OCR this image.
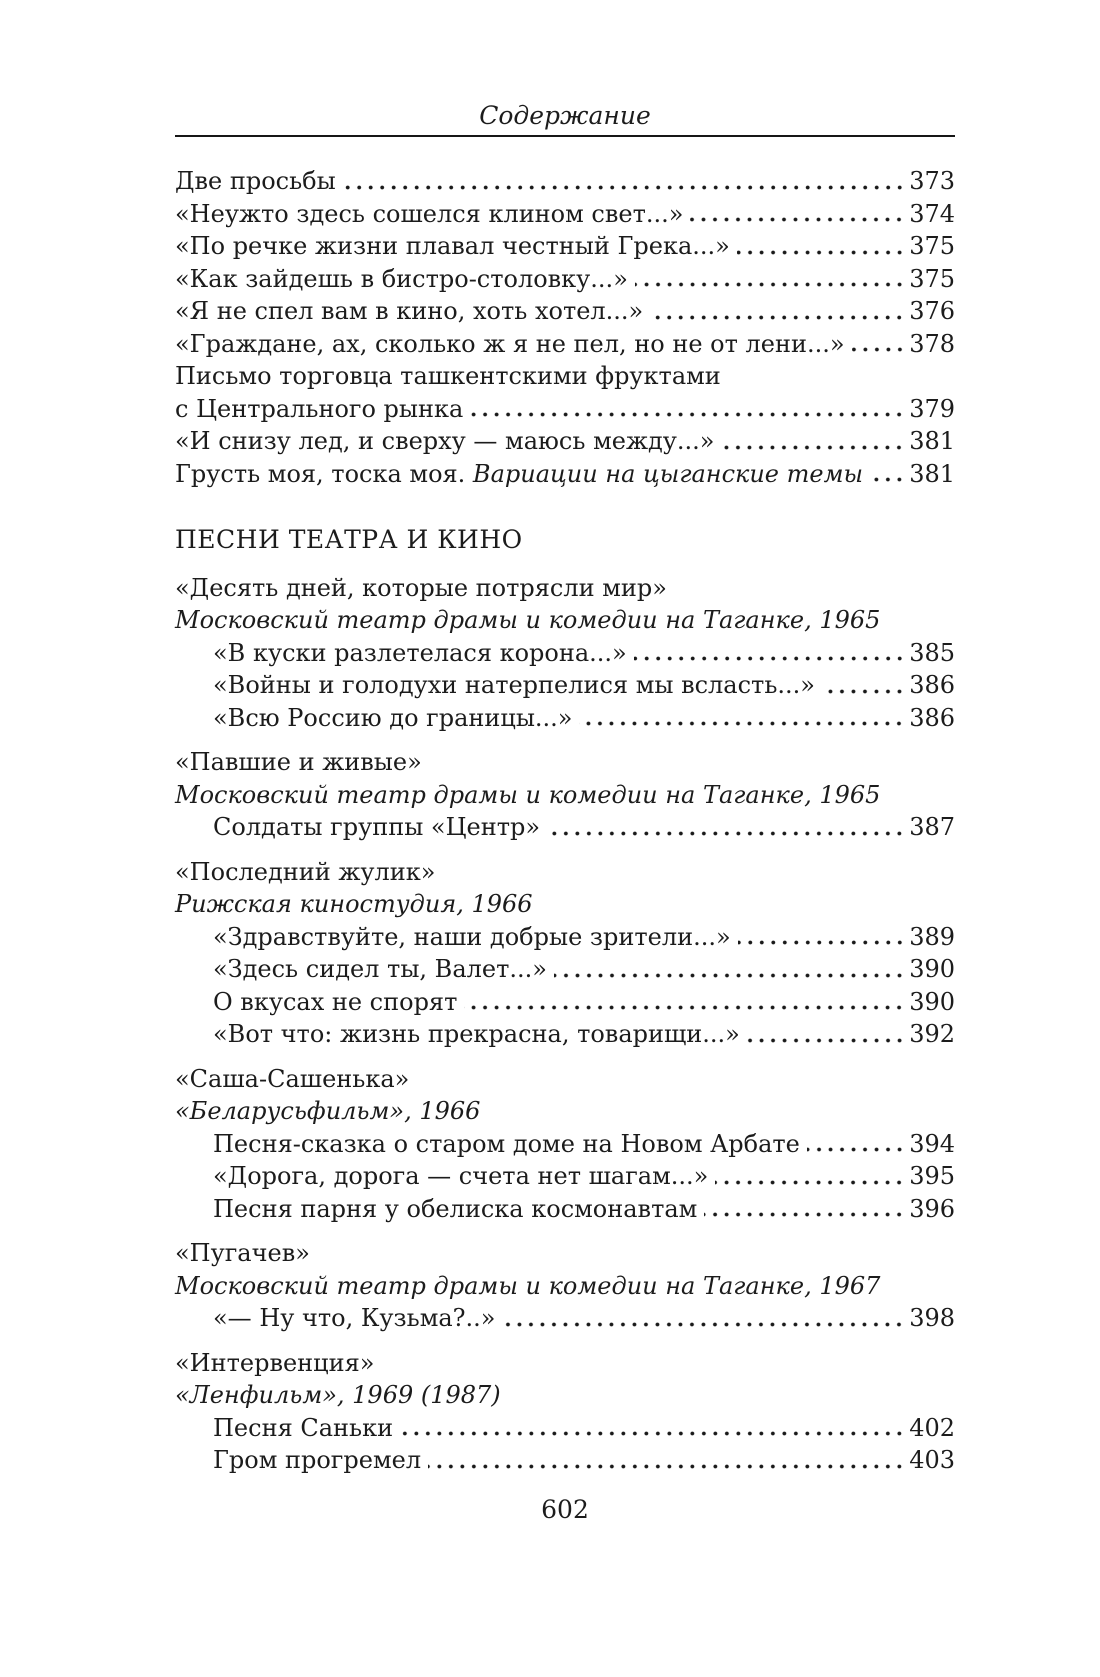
Содержание
Две просьбы	373
«Неужто здесь сошелся клином свет...»	374
«По речке жизни плавал честный Грека...»	375
«Как зайдешь в бистро-столовку...»	375
«Я не спел вам в кино, хоть хотел...»	376
«Граждане, ах, сколько ж я не пел, но не от лени...»	378
Письмо торговца ташкентскими фруктами
с Центрального рынка	379
«И снизу лед, и сверху — маюсь между...»	381
Грусть моя, тоска моя. Вариации на цыганские темы 381
ПЕСНИ ТЕАТРА И КИНО
«Десять дней, которые потрясли мир»
Московский театр драмы и комедии на Таганке, 1965
«В куски разлетелася корона...»	385
«Войны и голодухи натерпелися мы всласть...»	386
«Всю Россию до границы...»	386
«Павшие и живые»
Московский театр драмы и комедии на Таганке, 1965
Солдаты группы «Центр»	387
«Последний жулик»
Рижская киностудия, 1966
«Здравствуйте, наши добрые зрители...»	389
«Здесь сидел ты, Валет...»	390
О вкусах не спорят	390
«Вот что: жизнь прекрасна, товарищи...»	392
«Саша-Сашенька»
«Беларусьфильм», 1966
Песня-сказка о старом доме на Новом Арбате	394
«Дорога, дорога — счета нет шагам...»	395
Песня парня у обелиска космонавтам	396
«Пугачев»
Московский театр драмы и комедии на Таганке, 1967
«— Ну что, Кузьма?..»	398
«Интервенция»
«Ленфильм», 1969 (1987)
Песня Саньки	402
Гром прогремел	403
602
